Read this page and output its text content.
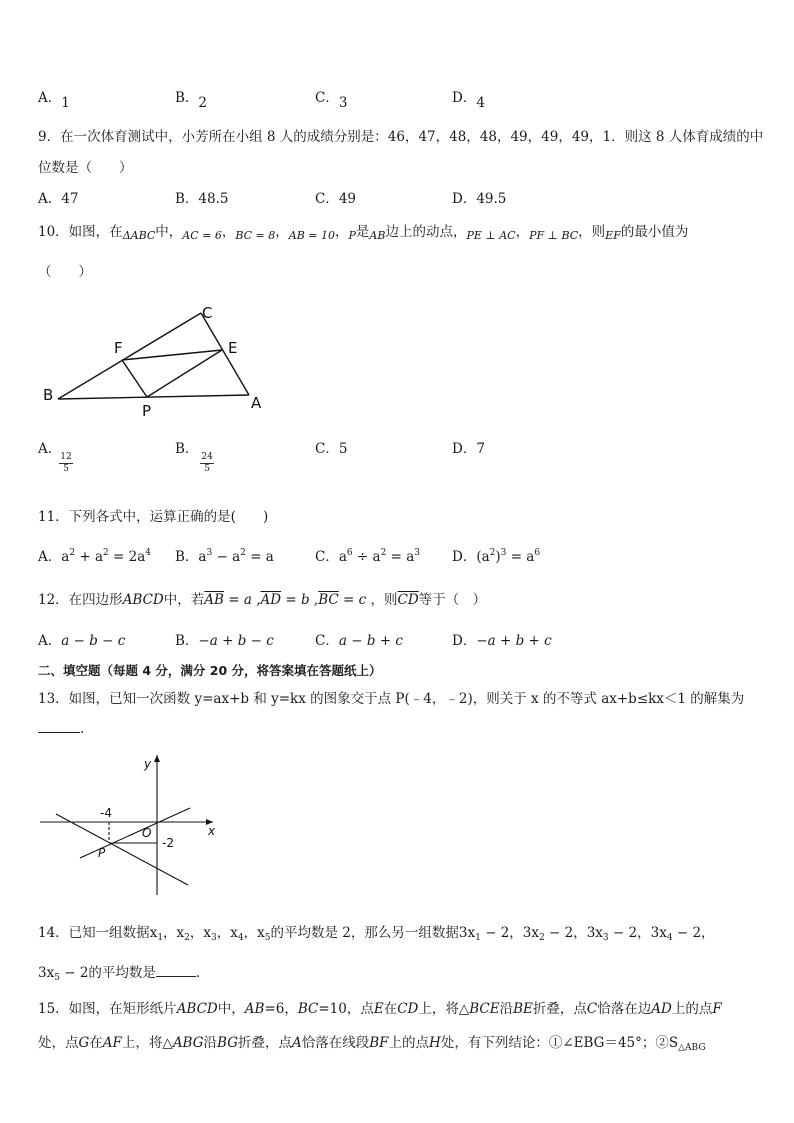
A．1	B．2	C．3	D．4
9．在一次体育测试中，小芳所在小组 8 人的成绩分别是：46，47，48，48，49，49，49，1．则这 8 人体育成绩的中
位数是（　　）
A．47	B．48.5	C．49	D．49.5
10．如图，在$_{\Delta ABC}$中，$_{AC = 6}$，$_{BC = 8}$，$_{AB = 10}$，$_P$是$_{AB}$边上的动点，$_{PE \perp AC}$，$_{PF \perp BC}$，则$_{EF}$的最小值为
（　　）
C
F	E
B
P	A
A．
$\frac{12}{5}$
B．
$\frac{24}{5}$
C．5	D．7
11．下列各式中，运算正确的是(　　)
A．$a^2 + a^2 = 2a^4$ B．$a^3 - a^2 = a$	C．$a^6 \div a^2 = a^3$ D．$(a^2)^3 = a^6$
12．在四边形ABCD中，若$\overline{AB} = a$ $,\overline{AD} = b$ $,\overline{BC} = c$ ，则$\overline{CD}$等于（　）
A．a − b − c	B．−a + b − c	C．a − b + c	D．−a + b + c
二、填空题（每题 4 分，满分 20 分，将答案填在答题纸上）
13．如图，已知一次函数 y=ax+b 和 y=kx 的图象交于点 P(﹣4，﹣2)，则关于 x 的不等式 ax+b≤kx＜1 的解集为
.
y
x
O
P
-4
-2
14．已知一组数据$x_1$，$x_2$，$x_3$，$x_4$，$x_5$的平均数是 2，那么另一组数据$3x_1 - 2$，$3x_2 - 2$，$3x_3 - 2$，$3x_4 - 2$，
$3x_5 - 2$的平均数是	.
15．如图，在矩形纸片ABCD中，AB=6，BC=10，点E在CD上，将△BCE沿BE折叠，点C恰落在边AD上的点F
处，点G在AF上，将△ABG沿BG折叠，点A恰落在线段BF上的点H处，有下列结论：①∠EBG＝45°；$②S_{\triangle ABG}$
